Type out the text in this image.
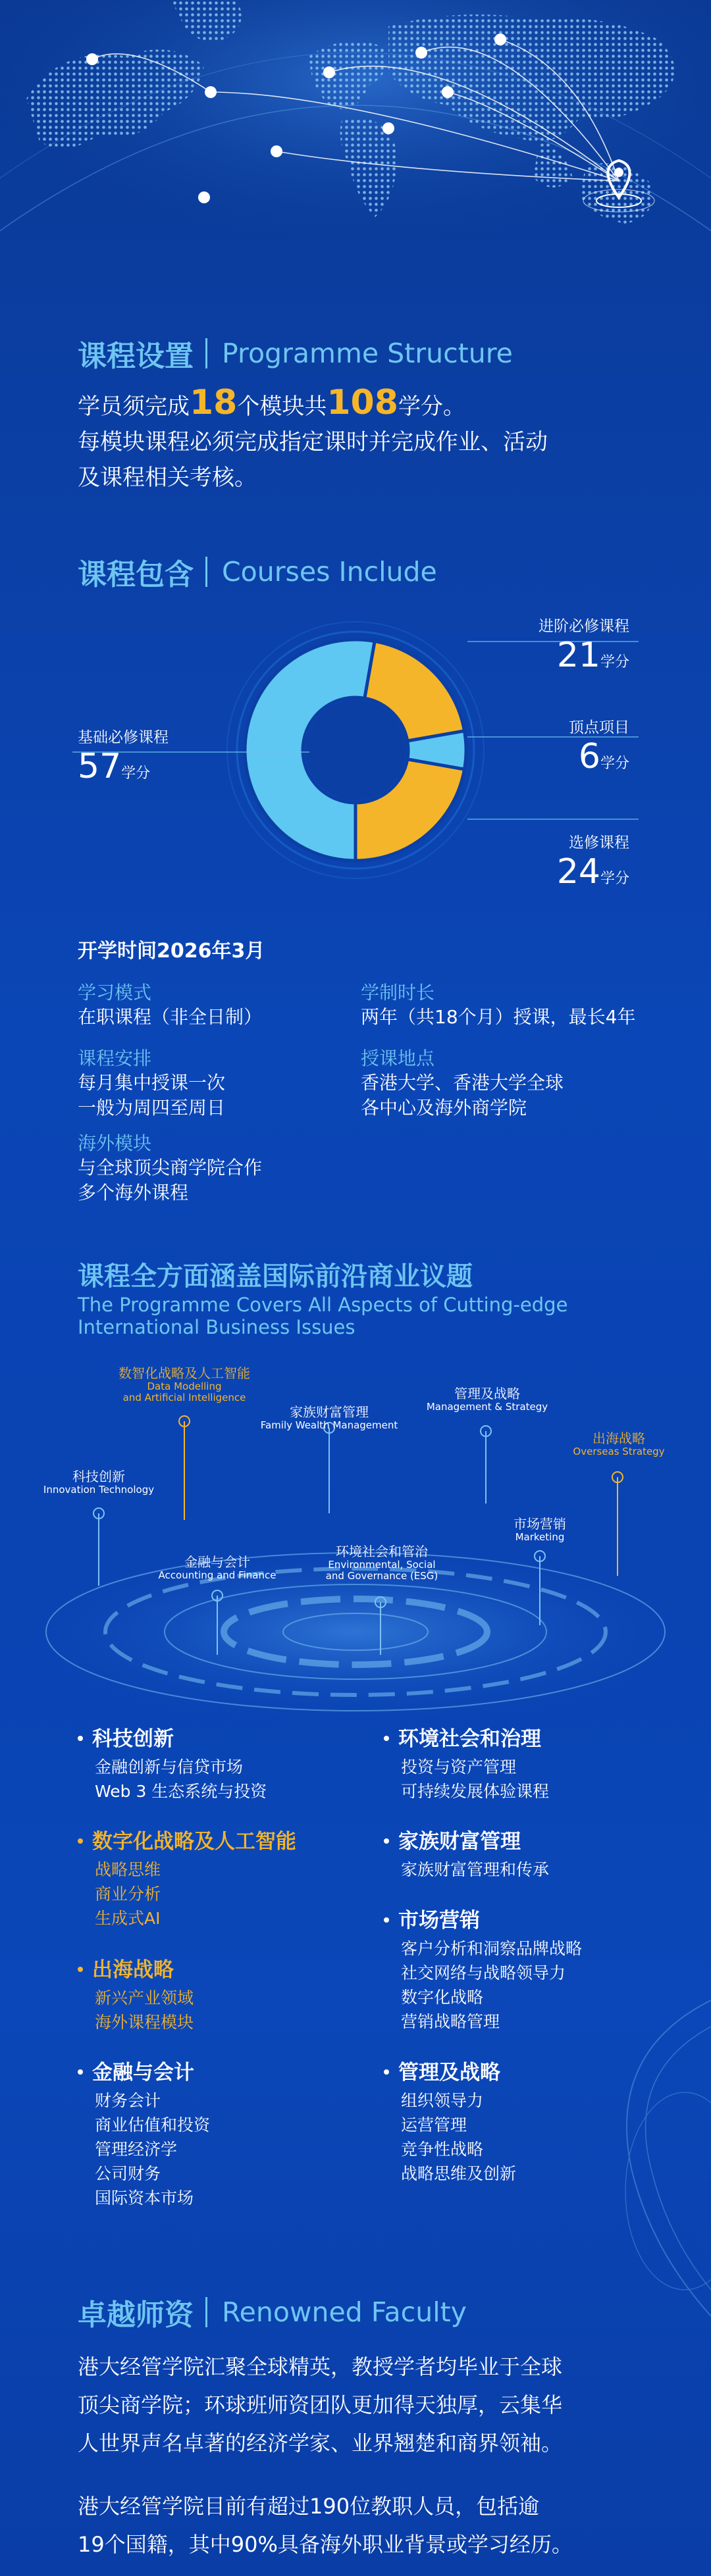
课程设置 Programme Structure
学员须完成18个模块共108学分。
每模块课程必须完成指定课时并完成作业、活动
及课程相关考核。
课程包含 Courses Include
基础必修课程
57学分
进阶必修课程
21学分
顶点项目
6学分
选修课程
24学分
开学时间2026年3月
学习模式
在职课程（非全日制）
学制时长
两年（共18个月）授课，最长4年
课程安排
每月集中授课一次
一般为周四至周日
授课地点
香港大学、香港大学全球
各中心及海外商学院
海外模块
与全球顶尖商学院合作
多个海外课程
课程全方面涵盖国际前沿商业议题
The Programme Covers All Aspects of Cutting-edge
International Business Issues
数智化战略及人工智能
Data Modelling
and Artificial Intelligence
家族财富管理
Family Wealth Management
管理及战略
Management & Strategy
出海战略
Overseas Strategy
科技创新
Innovation Technology
市场营销
Marketing
金融与会计
Accounting and Finance
环境社会和管治
Environmental, Social
and Governance (ESG)
科技创新
金融创新与信贷市场
Web 3 生态系统与投资
数字化战略及人工智能
战略思维
商业分析
生成式AI
出海战略
新兴产业领域
海外课程模块
金融与会计
财务会计
商业估值和投资
管理经济学
公司财务
国际资本市场
环境社会和治理
投资与资产管理
可持续发展体验课程
家族财富管理
家族财富管理和传承
市场营销
客户分析和洞察品牌战略
社交网络与战略领导力
数字化战略
营销战略管理
管理及战略
组织领导力
运营管理
竞争性战略
战略思维及创新
卓越师资 Renowned Faculty
港大经管学院汇聚全球精英，教授学者均毕业于全球
顶尖商学院；环球班师资团队更加得天独厚，云集华
人世界声名卓著的经济学家、业界翘楚和商界领袖。
港大经管学院目前有超过190位教职人员，包括逾
19个国籍，其中90%具备海外职业背景或学习经历。
